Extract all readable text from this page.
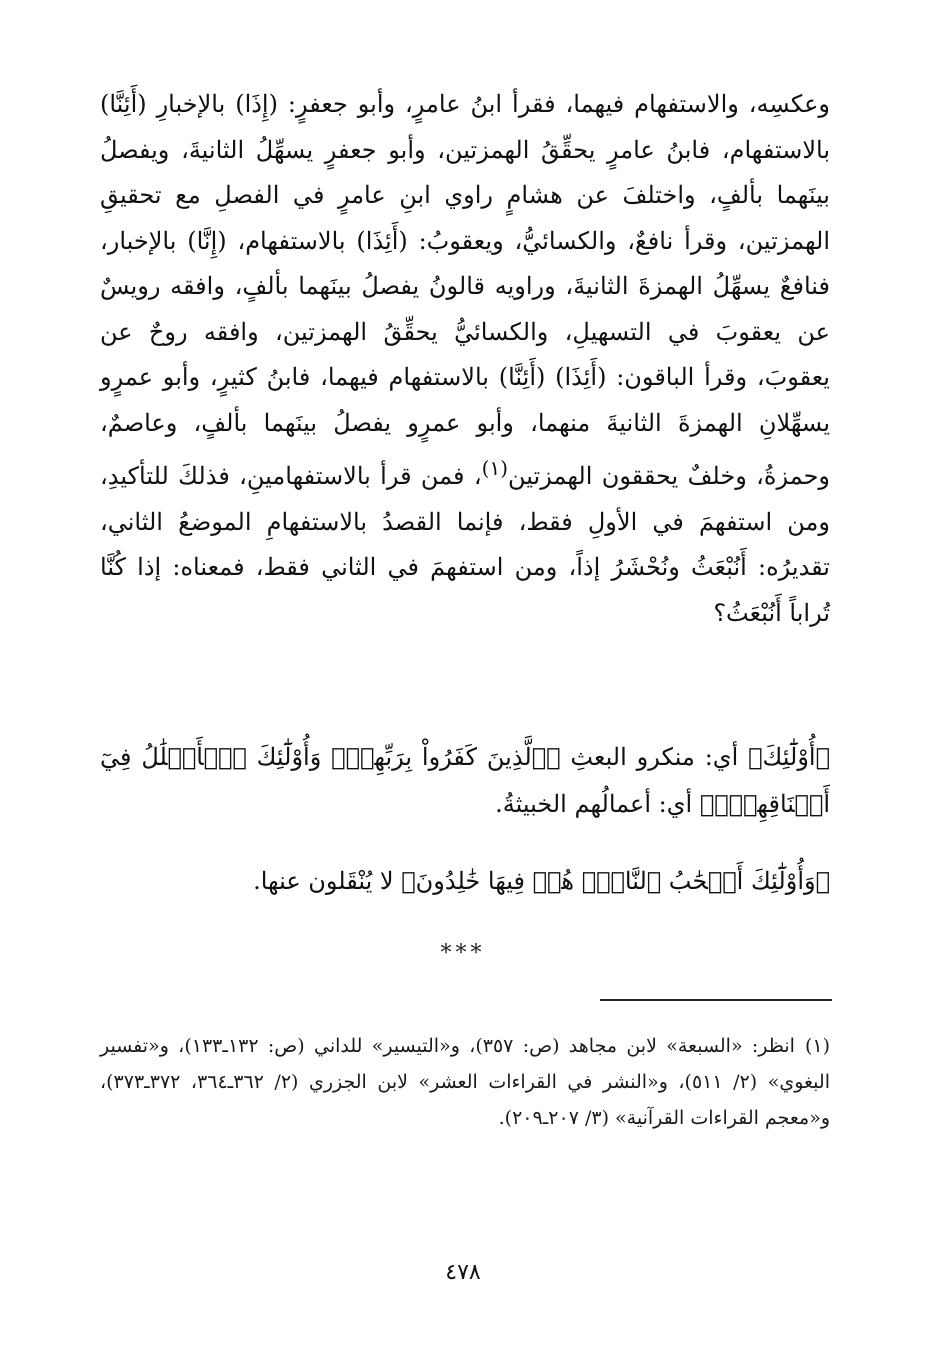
وعكسِه، والاستفهام فيهما، فقرأ ابنُ عامرٍ، وأبو جعفرٍ: (إِذَا) بالإخبارِ (أَئِنَّا) بالاستفهام، فابنُ عامرٍ يحقِّقُ الهمزتين، وأبو جعفرٍ يسهِّلُ الثانيةَ، ويفصلُ بينَهما بألفٍ، واختلفَ عن هشامٍ راوي ابنِ عامرٍ في الفصلِ مع تحقيقِ الهمزتين، وقرأ نافعٌ، والكسائيُّ، ويعقوبُ: (أَئِذَا) بالاستفهام، (إِنَّا) بالإخبار، فنافعٌ يسهِّلُ الهمزةَ الثانيةَ، وراويه قالونُ يفصلُ بينَهما بألفٍ، وافقه رويسٌ عن يعقوبَ في التسهيلِ، والكسائيُّ يحقِّقُ الهمزتين، وافقه روحٌ عن يعقوبَ، وقرأ الباقون: (أَئِذَا) (أَئِنَّا) بالاستفهام فيهما، فابنُ كثيرٍ، وأبو عمرٍو يسهِّلانِ الهمزةَ الثانيةَ منهما، وأبو عمرٍو يفصلُ بينَهما بألفٍ، وعاصمٌ، وحمزةُ، وخلفٌ يحققون الهمزتين$^{(١)}$، فمن قرأ بالاستفهامينِ، فذلكَ للتأكيدِ، ومن استفهمَ في الأولِ فقط، فإنما القصدُ بالاستفهامِ الموضعُ الثاني، تقديرُه: أَنُبْعَثُ ونُحْشَرُ إذاً، ومن استفهمَ في الثاني فقط، فمعناه: إذا كُنَّا تُراباً أَنُبْعَثُ؟

﴿أُوْلَٰٓئِكَ﴾ أي: منكرو البعثِ ﴿ٱلَّذِينَ كَفَرُواْ بِرَبِّهِمۡۖ وَأُوْلَٰٓئِكَ ٱلۡأَغۡلَٰلُ فِيٓ أَعۡنَاقِهِمۡۖ﴾ أي: أعمالُهم الخبيثةُ.
﴿وَأُوْلَٰٓئِكَ أَصۡحَٰبُ ٱلنَّارِۖ هُمۡ فِيهَا خَٰلِدُونَ﴾ لا يُنْقَلون عنها.
***
(١)انظر: «السبعة» لابن مجاهد (ص: ٣٥٧)، و«التيسير» للداني (ص: ١٣٢ـ١٣٣)، و«تفسير البغوي» (٢/ ٥١١)، و«النشر في القراءات العشر» لابن الجزري (٢/ ٣٦٢ـ٣٦٤، ٣٧٢ـ٣٧٣)، و«معجم القراءات القرآنية» (٣/ ٢٠٧ـ٢٠٩).
٤٧٨
